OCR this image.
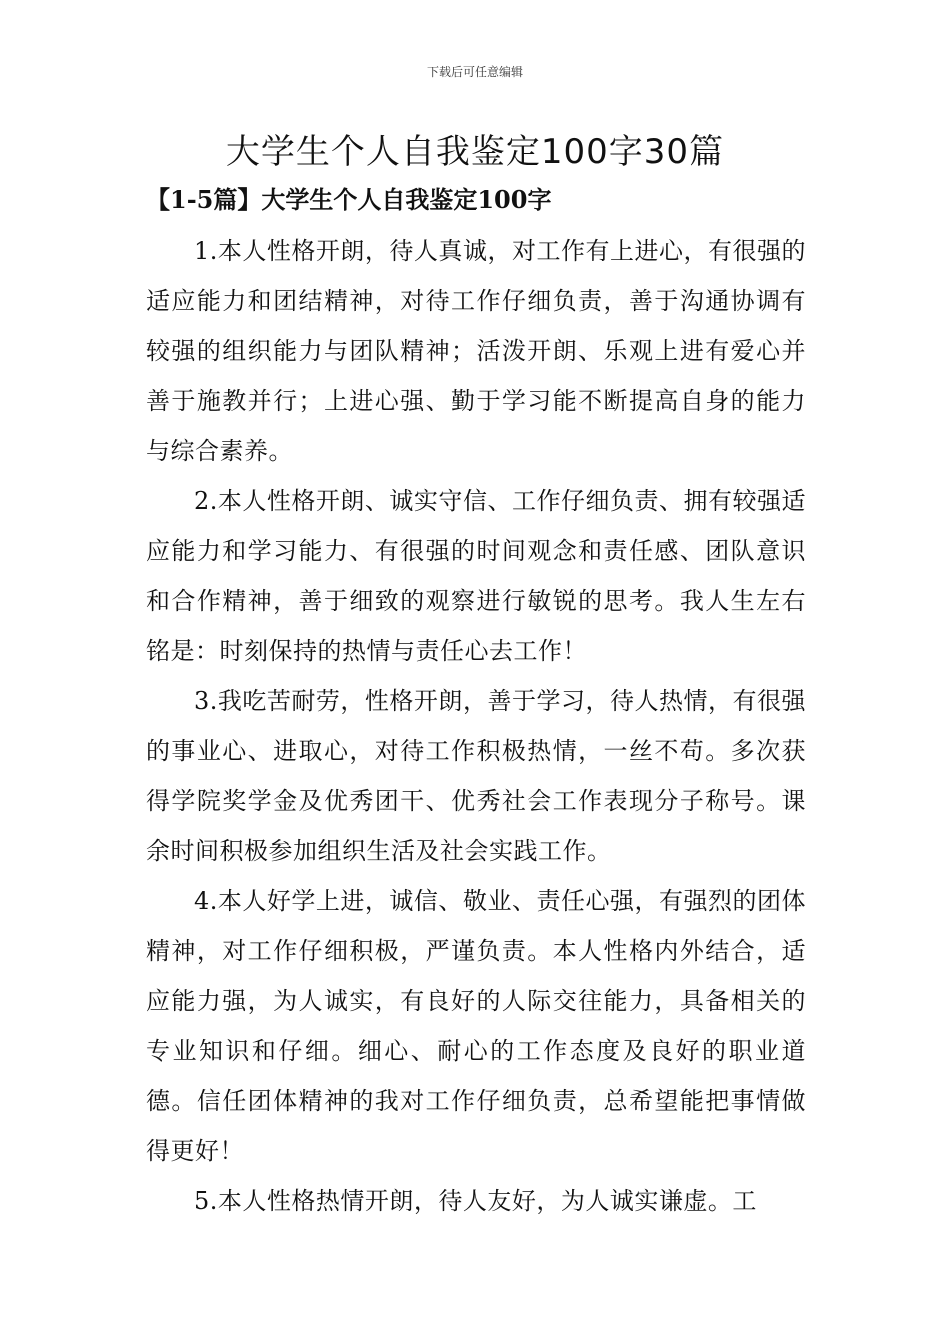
下载后可任意编辑
大学生个人自我鉴定100字30篇
【1-5篇】大学生个人自我鉴定100字

1.本人性格开朗，待人真诚，对工作有上进心，有很强的适应能力和团结精神，对待工作仔细负责，善于沟通协调有较强的组织能力与团队精神；活泼开朗、乐观上进有爱心并善于施教并行；上进心强、勤于学习能不断提高自身的能力与综合素养。

2.本人性格开朗、诚实守信、工作仔细负责、拥有较强适应能力和学习能力、有很强的时间观念和责任感、团队意识和合作精神，善于细致的观察进行敏锐的思考。我人生左右铭是：时刻保持的热情与责任心去工作！

3.我吃苦耐劳，性格开朗，善于学习，待人热情，有很强的事业心、进取心，对待工作积极热情，一丝不苟。多次获得学院奖学金及优秀团干、优秀社会工作表现分子称号。课余时间积极参加组织生活及社会实践工作。

4.本人好学上进，诚信、敬业、责任心强，有强烈的团体精神，对工作仔细积极，严谨负责。本人性格内外结合，适应能力强，为人诚实，有良好的人际交往能力，具备相关的专业知识和仔细。细心、耐心的工作态度及良好的职业道德。信任团体精神的我对工作仔细负责，总希望能把事情做得更好！

5.本人性格热情开朗，待人友好，为人诚实谦虚。工
